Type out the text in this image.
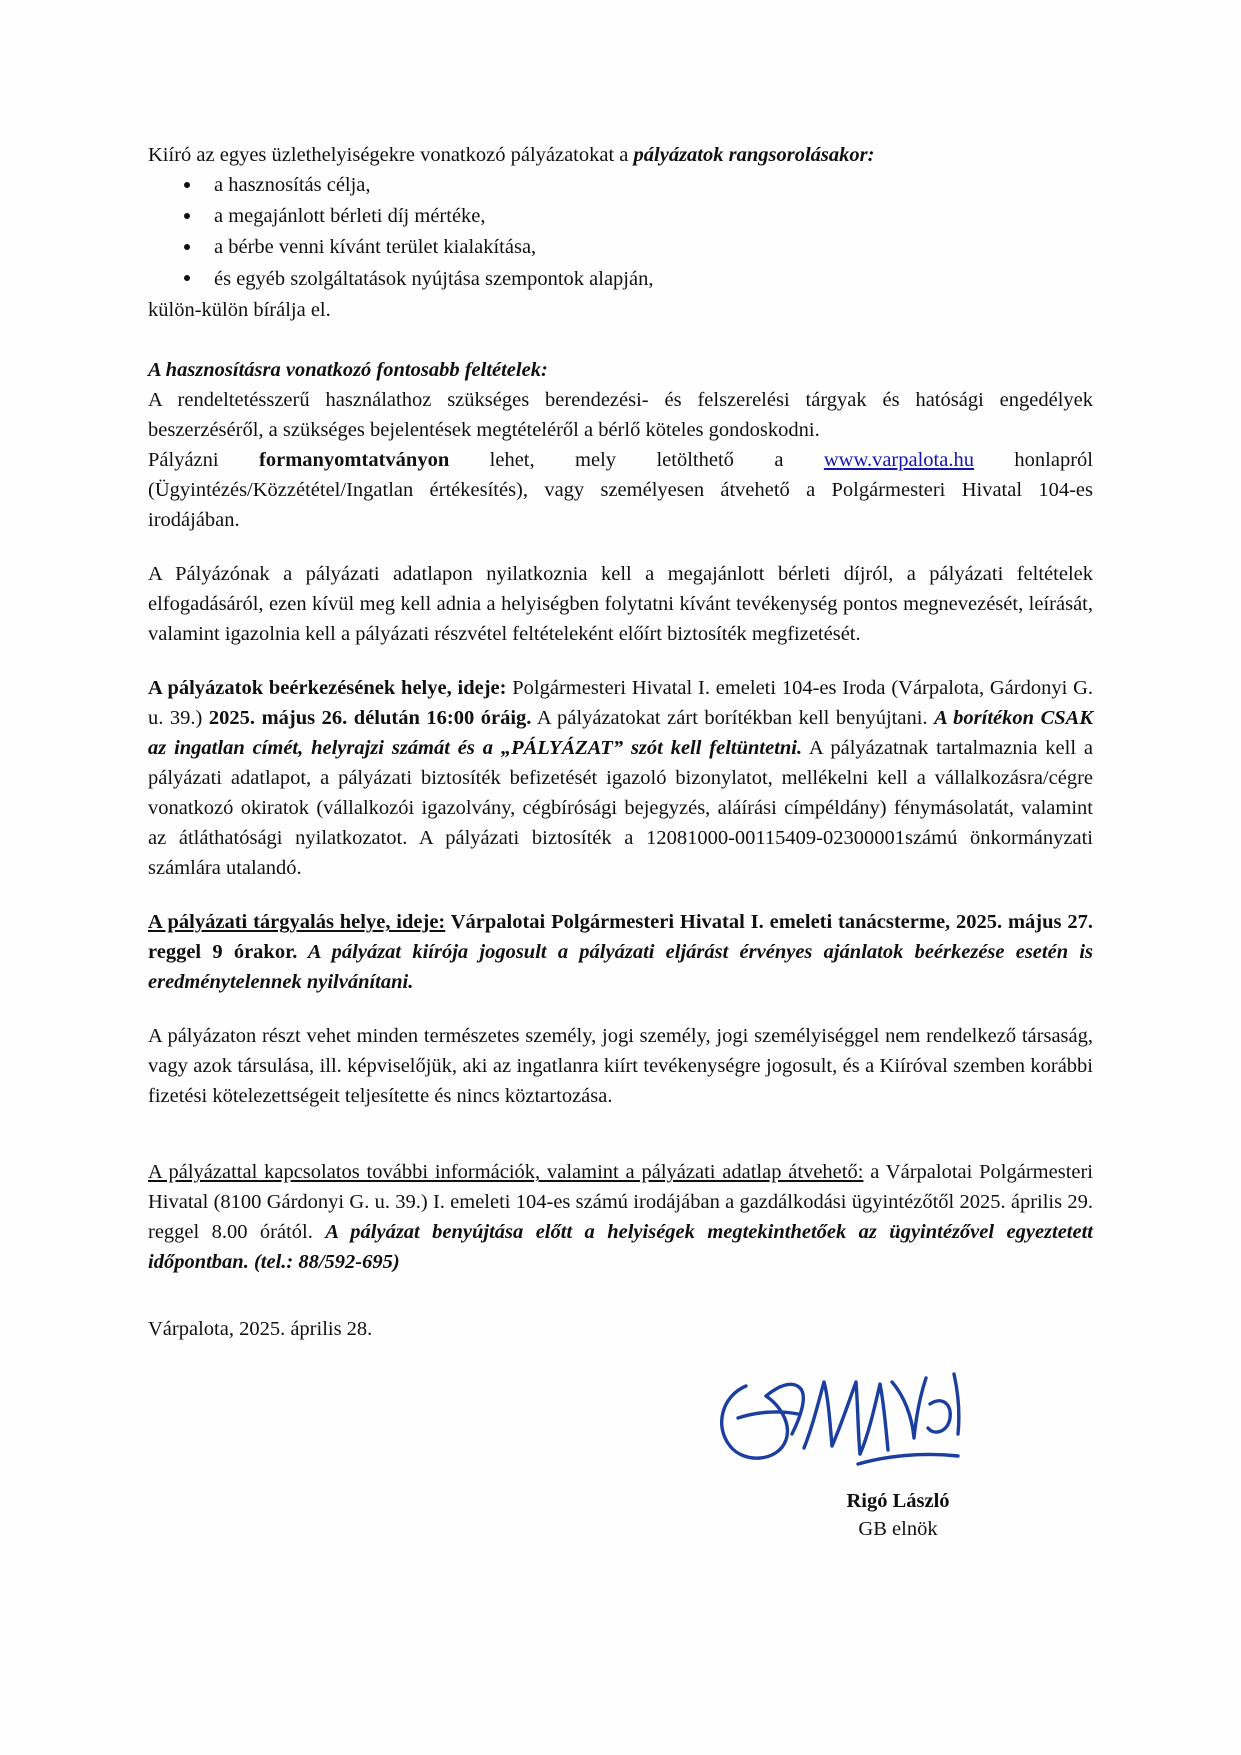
Kiíró az egyes üzlethelyiségekre vonatkozó pályázatokat a pályázatok rangsorolásakor:
a hasznosítás célja,
a megajánlott bérleti díj mértéke,
a bérbe venni kívánt terület kialakítása,
és egyéb szolgáltatások nyújtása szempontok alapján,
külön-külön bírálja el.
A hasznosításra vonatkozó fontosabb feltételek:
A rendeltetésszerű használathoz szükséges berendezési- és felszerelési tárgyak és hatósági engedélyek beszerzéséről, a szükséges bejelentések megtételéről a bérlő köteles gondoskodni.
Pályázni formanyomtatványon lehet, mely letölthető a www.varpalota.hu honlapról (Ügyintézés/Közzététel/Ingatlan értékesítés), vagy személyesen átvehető a Polgármesteri Hivatal 104-es irodájában.
A Pályázónak a pályázati adatlapon nyilatkoznia kell a megajánlott bérleti díjról, a pályázati feltételek elfogadásáról, ezen kívül meg kell adnia a helyiségben folytatni kívánt tevékenység pontos megnevezését, leírását, valamint igazolnia kell a pályázati részvétel feltételeként előírt biztosíték megfizetését.
A pályázatok beérkezésének helye, ideje: Polgármesteri Hivatal I. emeleti 104-es Iroda (Várpalota, Gárdonyi G. u. 39.) 2025. május 26. délután 16:00 óráig. A pályázatokat zárt borítékban kell benyújtani. A borítékon CSAK az ingatlan címét, helyrajzi számát és a „PÁLYÁZAT” szót kell feltüntetni. A pályázatnak tartalmaznia kell a pályázati adatlapot, a pályázati biztosíték befizetését igazoló bizonylatot, mellékelni kell a vállalkozásra/cégre vonatkozó okiratok (vállalkozói igazolvány, cégbírósági bejegyzés, aláírási címpéldány) fénymásolatát, valamint az átláthatósági nyilatkozatot. A pályázati biztosíték a 12081000-00115409-02300001számú önkormányzati számlára utalandó.
A pályázati tárgyalás helye, ideje: Várpalotai Polgármesteri Hivatal I. emeleti tanácsterme, 2025. május 27. reggel 9 órakor. A pályázat kiírója jogosult a pályázati eljárást érvényes ajánlatok beérkezése esetén is eredménytelennek nyilvánítani.
A pályázaton részt vehet minden természetes személy, jogi személy, jogi személyiséggel nem rendelkező társaság, vagy azok társulása, ill. képviselőjük, aki az ingatlanra kiírt tevékenységre jogosult, és a Kiíróval szemben korábbi fizetési kötelezettségeit teljesítette és nincs köztartozása.
A pályázattal kapcsolatos további információk, valamint a pályázati adatlap átvehető: a Várpalotai Polgármesteri Hivatal (8100 Gárdonyi G. u. 39.) I. emeleti 104-es számú irodájában a gazdálkodási ügyintézőtől 2025. április 29. reggel 8.00 órától. A pályázat benyújtása előtt a helyiségek megtekinthetőek az ügyintézővel egyeztetett időpontban. (tel.: 88/592-695)
Várpalota, 2025. április 28.
Rigó László
GB elnök
